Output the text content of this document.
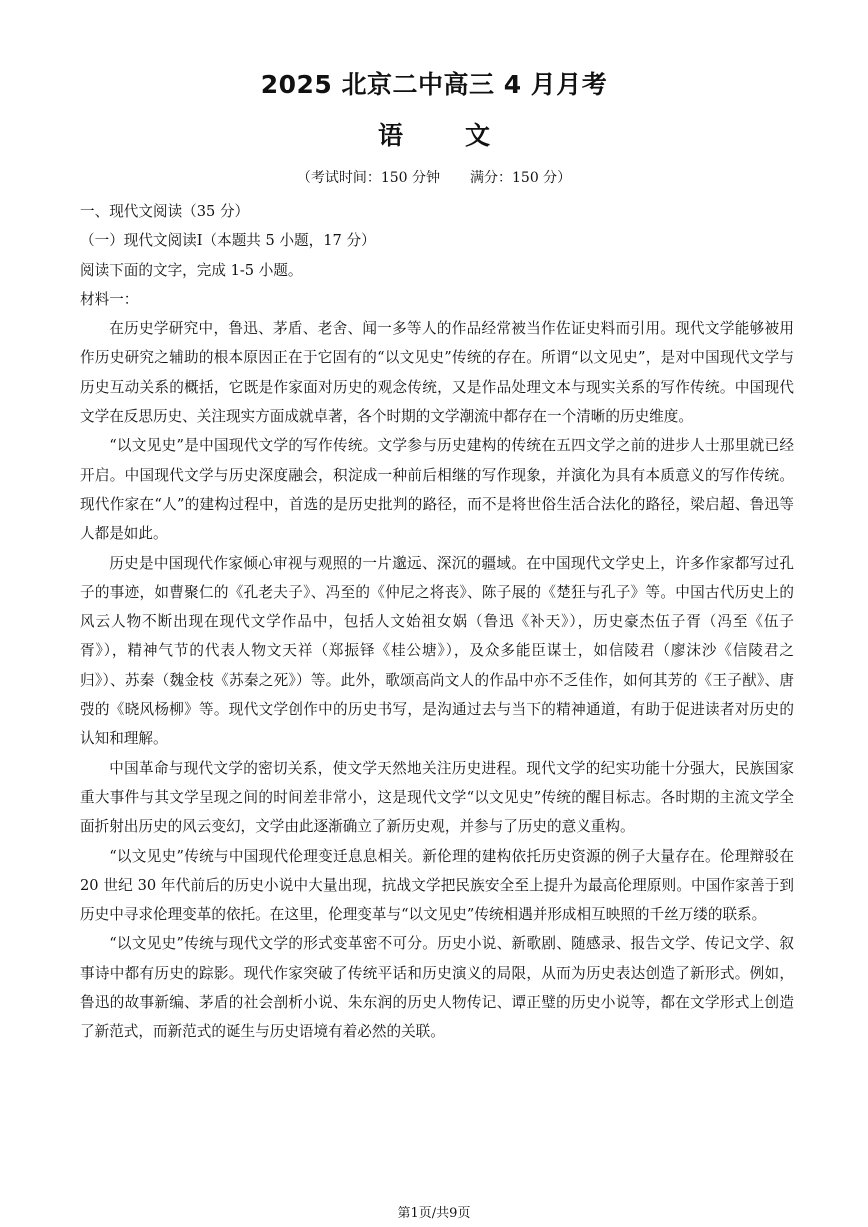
2025 北京二中高三 4 月月考
语文
（考试时间：150 分钟 满分：150 分）

一、现代文阅读（35 分）

（一）现代文阅读Ⅰ（本题共 5 小题，17 分）

阅读下面的文字，完成 1-5 小题。

材料一：

在历史学研究中，鲁迅、茅盾、老舍、闻一多等人的作品经常被当作佐证史料而引用。现代文学能够被用作历史研究之辅助的根本原因正在于它固有的“以文见史”传统的存在。所谓“以文见史”，是对中国现代文学与历史互动关系的概括，它既是作家面对历史的观念传统，又是作品处理文本与现实关系的写作传统。中国现代文学在反思历史、关注现实方面成就卓著，各个时期的文学潮流中都存在一个清晰的历史维度。

“以文见史”是中国现代文学的写作传统。文学参与历史建构的传统在五四文学之前的进步人士那里就已经开启。中国现代文学与历史深度融会，积淀成一种前后相继的写作现象，并演化为具有本质意义的写作传统。现代作家在“人”的建构过程中，首选的是历史批判的路径，而不是将世俗生活合法化的路径，梁启超、鲁迅等人都是如此。

历史是中国现代作家倾心审视与观照的一片邈远、深沉的疆域。在中国现代文学史上，许多作家都写过孔子的事迹，如曹聚仁的《孔老夫子》、冯至的《仲尼之将丧》、陈子展的《楚狂与孔子》等。中国古代历史上的风云人物不断出现在现代文学作品中，包括人文始祖女娲（鲁迅《补天》），历史豪杰伍子胥（冯至《伍子胥》），精神气节的代表人物文天祥（郑振铎《桂公塘》），及众多能臣谋士，如信陵君（廖沫沙《信陵君之归》）、苏秦（魏金枝《苏秦之死》）等。此外，歌颂高尚文人的作品中亦不乏佳作，如何其芳的《王子猷》、唐弢的《晓风杨柳》等。现代文学创作中的历史书写，是沟通过去与当下的精神通道，有助于促进读者对历史的认知和理解。

中国革命与现代文学的密切关系，使文学天然地关注历史进程。现代文学的纪实功能十分强大，民族国家重大事件与其文学呈现之间的时间差非常小，这是现代文学“以文见史”传统的醒目标志。各时期的主流文学全面折射出历史的风云变幻，文学由此逐渐确立了新历史观，并参与了历史的意义重构。

“以文见史”传统与中国现代伦理变迁息息相关。新伦理的建构依托历史资源的例子大量存在。伦理辩驳在 20 世纪 30 年代前后的历史小说中大量出现，抗战文学把民族安全至上提升为最高伦理原则。中国作家善于到历史中寻求伦理变革的依托。在这里，伦理变革与“以文见史”传统相遇并形成相互映照的千丝万缕的联系。

“以文见史”传统与现代文学的形式变革密不可分。历史小说、新歌剧、随感录、报告文学、传记文学、叙事诗中都有历史的踪影。现代作家突破了传统平话和历史演义的局限，从而为历史表达创造了新形式。例如，鲁迅的故事新编、茅盾的社会剖析小说、朱东润的历史人物传记、谭正璧的历史小说等，都在文学形式上创造了新范式，而新范式的诞生与历史语境有着必然的关联。

第1页/共9页
